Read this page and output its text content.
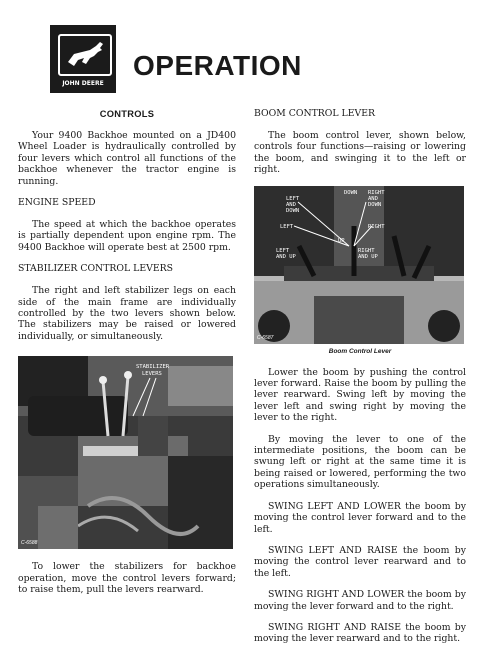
JOHN DEERE
OPERATION
CONTROLS

Your 9400 Backhoe mounted on a JD400 Wheel Loader is hydraulically controlled by four levers which control all functions of the backhoe whenever the tractor engine is running.

ENGINE SPEED

The speed at which the backhoe operates is partially dependent upon engine rpm. The 9400 Backhoe will operate best at 2500 rpm.

STABILIZER CONTROL LEVERS

The right and left stabilizer legs on each side of the main frame are individually controlled by the two levers shown below. The stabilizers may be raised or lowered individually, or simultaneously.

STABILIZER
LEVERS
C-6588

To lower the stabilizers for backhoe operation, move the control levers forward; to raise them, pull the levers rearward.

BOOM CONTROL LEVER

The boom control lever, shown below, controls four functions—raising or lowering the boom, and swinging it to the left or right.

DOWN
LEFT
AND
DOWN
RIGHT
AND
DOWN
LEFT	RIGHT
LEFT
AND UP
UP
RIGHT
AND UP
C-6587
Boom Control Lever

Lower the boom by pushing the control lever forward. Raise the boom by pulling the lever rearward. Swing left by moving the lever left and swing right by moving the lever to the right.

By moving the lever to one of the intermediate positions, the boom can be swung left or right at the same time it is being raised or lowered, performing the two operations simultaneously.

SWING LEFT AND LOWER the boom by moving the control lever forward and to the left.

SWING LEFT AND RAISE the boom by moving the control lever rearward and to the left.

SWING RIGHT AND LOWER the boom by moving the lever forward and to the right.

SWING RIGHT AND RAISE the boom by moving the lever rearward and to the right.
